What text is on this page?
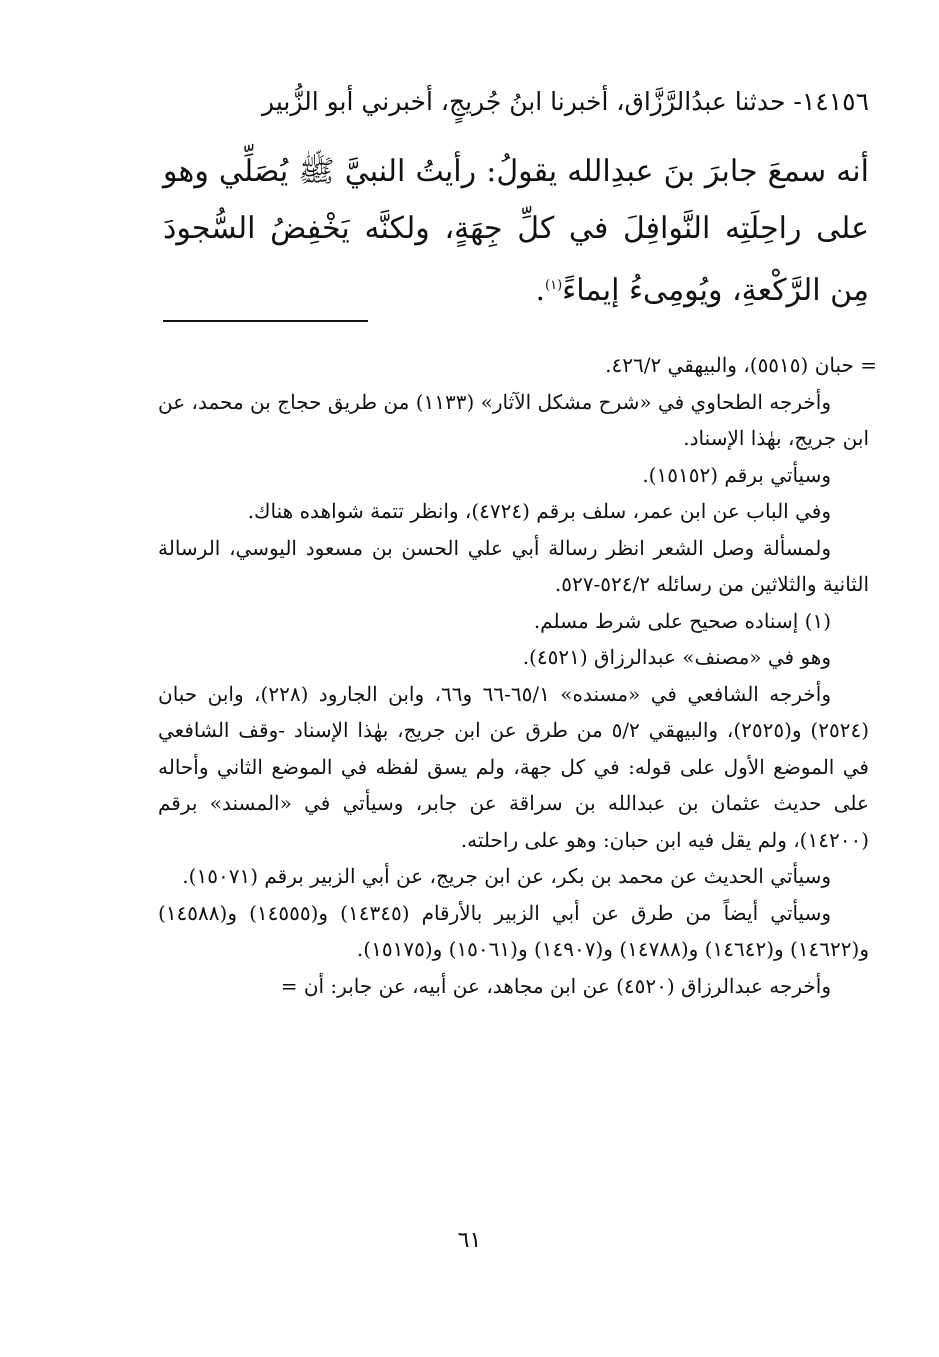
١٤١٥٦- حدثنا عبدُالرَّزَّاق، أخبرنا ابنُ جُريجٍ، أخبرني أبو الزُّبير
أنه سمعَ جابرَ بنَ عبدِالله يقولُ: رأيتُ النبيَّ ﷺ يُصَلِّي وهو على راحِلَتِه النَّوافِلَ في كلِّ جِهَةٍ، ولكنَّه يَخْفِضُ السُّجودَ مِن الرَّكْعةِ، ويُومِىءُ إيماءً$^{(١)}$.

= حبان (٥٥١٥)، والبيهقي ٤٢٦/٢.

وأخرجه الطحاوي في «شرح مشكل الآثار» (١١٣٣) من طريق حجاج بن محمد، عن ابن جريج، بهٰذا الإسناد.

وسيأتي برقم (١٥١٥٢).

وفي الباب عن ابن عمر، سلف برقم (٤٧٢٤)، وانظر تتمة شواهده هناك.

ولمسألة وصل الشعر انظر رسالة أبي علي الحسن بن مسعود اليوسي، الرسالة الثانية والثلاثين من رسائله ٥٢٤/٢-٥٢٧.

(١) إسناده صحيح على شرط مسلم.

وهو في «مصنف» عبدالرزاق (٤٥٢١).

وأخرجه الشافعي في «مسنده» ٦٥/١-٦٦ و٦٦، وابن الجارود (٢٢٨)، وابن حبان (٢٥٢٤) و(٢٥٢٥)، والبيهقي ٥/٢ من طرق عن ابن جريج، بهٰذا الإسناد -وقف الشافعي في الموضع الأول على قوله: في كل جهة، ولم يسق لفظه في الموضع الثاني وأحاله على حديث عثمان بن عبدالله بن سراقة عن جابر، وسيأتي في «المسند» برقم (١٤٢٠٠)، ولم يقل فيه ابن حبان: وهو على راحلته.

وسيأتي الحديث عن محمد بن بكر، عن ابن جريج، عن أبي الزبير برقم (١٥٠٧١).

وسيأتي أيضاً من طرق عن أبي الزبير بالأرقام (١٤٣٤٥) و(١٤٥٥٥) و(١٤٥٨٨) و(١٤٦٢٢) و(١٤٦٤٢) و(١٤٧٨٨) و(١٤٩٠٧) و(١٥٠٦١) و(١٥١٧٥).

وأخرجه عبدالرزاق (٤٥٢٠) عن ابن مجاهد، عن أبيه، عن جابر: أن =

٦١
